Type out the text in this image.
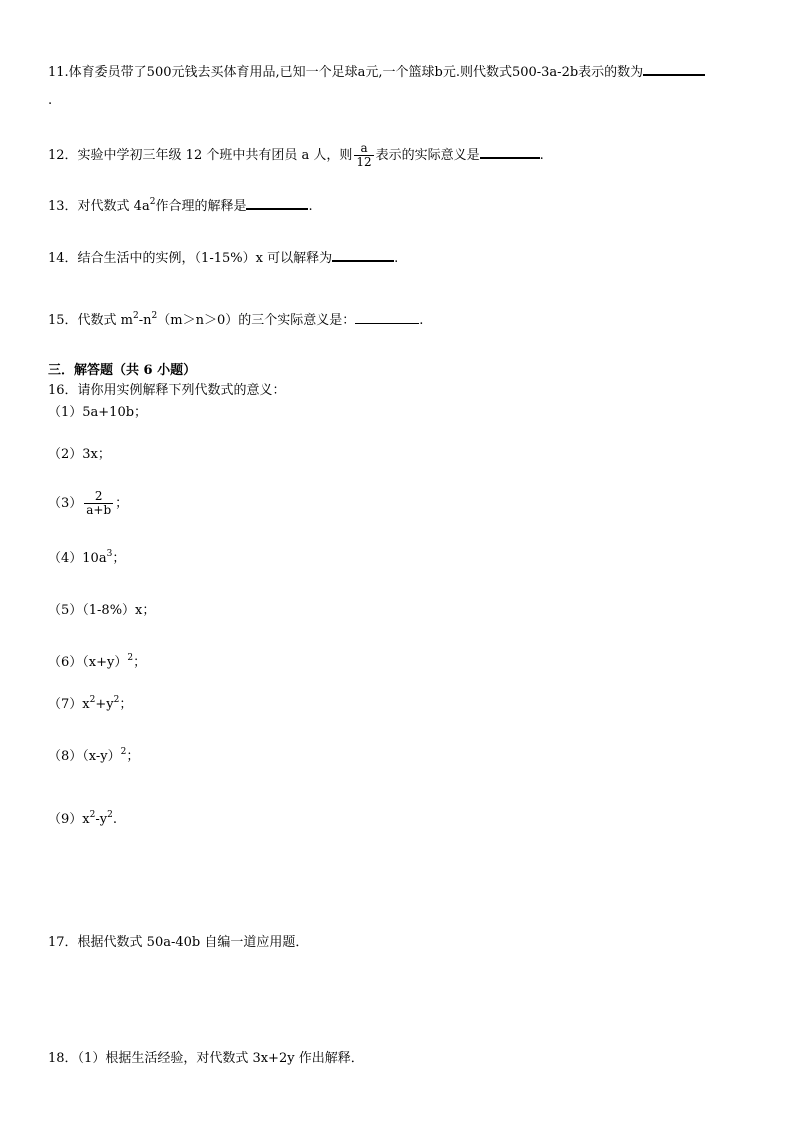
11.体育委员带了500元钱去买体育用品,已知一个足球a元,一个篮球b元.则代数式500-3a-2b表示的数为
.
12．实验中学初三年级 12 个班中共有团员 a 人，则 $\frac{a}{12}$ 表示的实际意义是	.
13．对代数式 $4a^2$作合理的解释是	.
14．结合生活中的实例，（1-15%）x 可以解释为	.
15．代数式 $m^2-n^2(m>n>0)$的三个实际意义是：	.
三．解答题（共 6 小题）
16．请你用实例解释下列代数式的意义：
（1）5a+10b；
（2）3x；
$(3) \frac{2}{a+b}$ ；
$(4)10a^3$；
（5）（1-8%）x；
$(6)(x+y)^2$；
$(7)x^2+y^2$；
$(8)(x-y)^2$；
$(9)x^2-y^2$.
17．根据代数式 50a-40b 自编一道应用题．
18．（1）根据生活经验，对代数式 3x+2y 作出解释．
